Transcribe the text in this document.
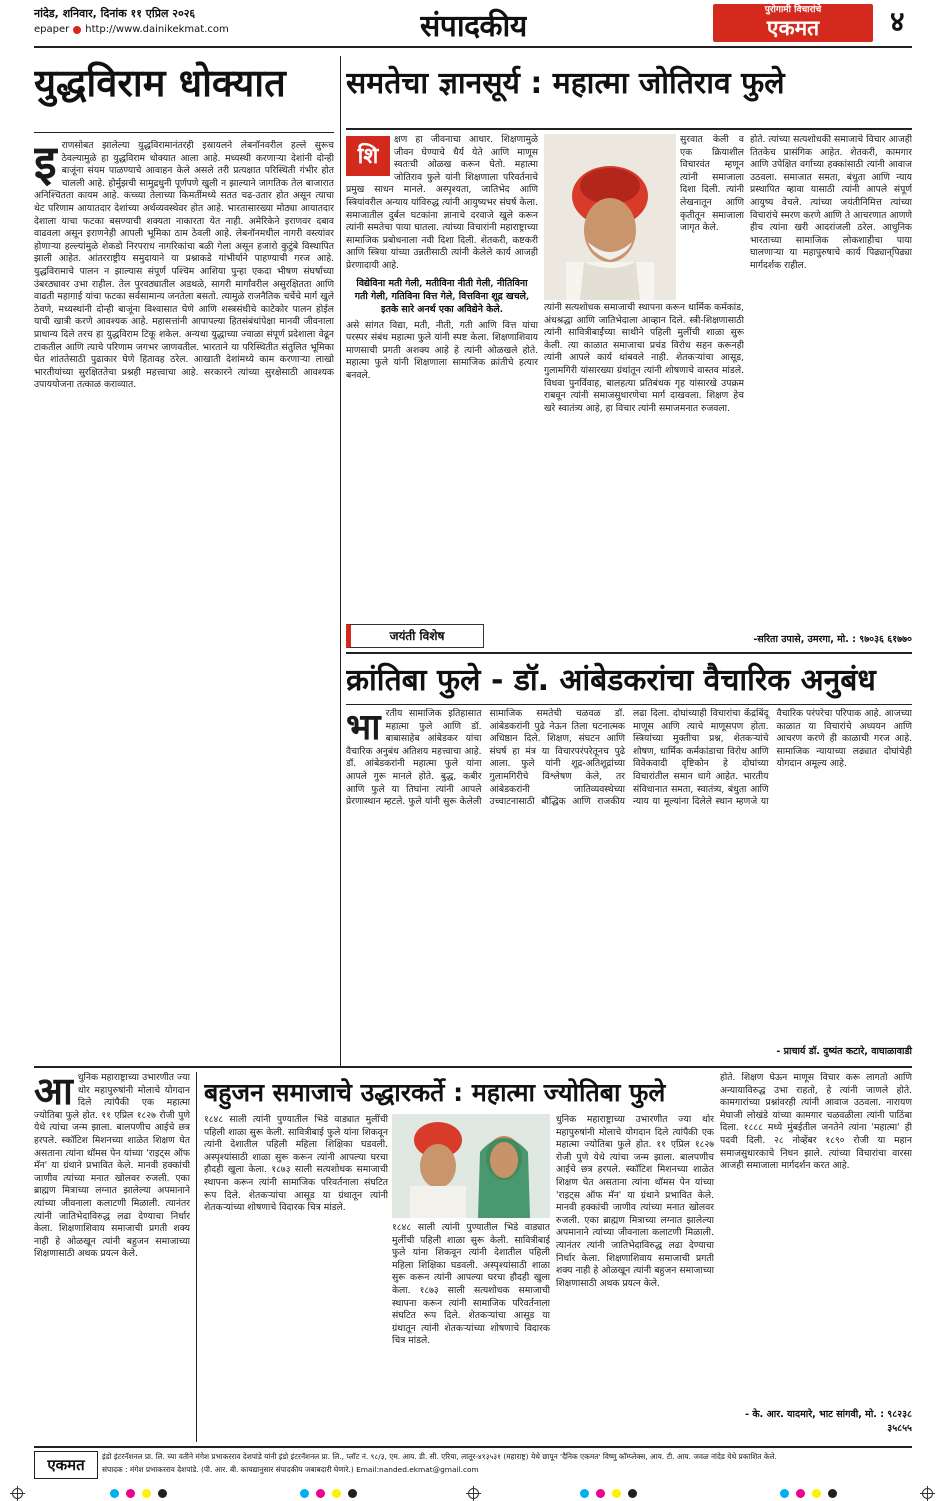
नांदेड, शनिवार, दिनांक ११ एप्रिल २०२६
epaper http://www.dainikekmat.com	संपादकीय	पुरोगामी विचारांचे
एकमत	४
युद्धविराम धोक्यात
इराणसोबत झालेल्या युद्धविरामानंतरही इस्रायलने लेबनॉनवरील हल्ले सुरूच ठेवल्यामुळे हा युद्धविराम धोक्यात आला आहे. मध्यस्थी करणाऱ्या देशांनी दोन्ही बाजूंना संयम पाळण्याचे आवाहन केले असले तरी प्रत्यक्षात परिस्थिती गंभीर होत चालली आहे. होर्मुझची सामुद्रधुनी पूर्णपणे खुली न झाल्याने जागतिक तेल बाजारात अनिश्चितता कायम आहे. कच्च्या तेलाच्या किमतींमध्ये सतत चढ-उतार होत असून त्याचा थेट परिणाम आयातदार देशांच्या अर्थव्यवस्थेवर होत आहे. भारतासारख्या मोठ्या आयातदार देशाला याचा फटका बसण्याची शक्यता नाकारता येत नाही. अमेरिकेने इराणवर दबाव वाढवला असून इराणनेही आपली भूमिका ठाम ठेवली आहे. लेबनॉनमधील नागरी वस्त्यांवर होणाऱ्या हल्ल्यांमुळे शेकडो निरपराध नागरिकांचा बळी गेला असून हजारो कुटुंबे विस्थापित झाली आहेत. आंतरराष्ट्रीय समुदायाने या प्रश्नाकडे गांभीर्याने पाहण्याची गरज आहे. युद्धविरामाचे पालन न झाल्यास संपूर्ण पश्चिम आशिया पुन्हा एकदा भीषण संघर्षाच्या उंबरठ्यावर उभा राहील. तेल पुरवठ्यातील अडथळे, सागरी मार्गांवरील असुरक्षितता आणि वाढती महागाई यांचा फटका सर्वसामान्य जनतेला बसतो. त्यामुळे राजनैतिक चर्चेचे मार्ग खुले ठेवणे, मध्यस्थांनी दोन्ही बाजूंना विश्वासात घेणे आणि शस्त्रसंधीचे काटेकोर पालन होईल याची खात्री करणे आवश्यक आहे. महासत्तांनी आपापल्या हितसंबंधांपेक्षा मानवी जीवनाला प्राधान्य दिले तरच हा युद्धविराम टिकू शकेल. अन्यथा युद्धाच्या ज्वाळा संपूर्ण प्रदेशाला वेढून टाकतील आणि त्याचे परिणाम जगभर जाणवतील. भारताने या परिस्थितीत संतुलित भूमिका घेत शांततेसाठी पुढाकार घेणे हितावह ठरेल. आखाती देशांमध्ये काम करणाऱ्या लाखो भारतीयांच्या सुरक्षिततेचा प्रश्नही महत्त्वाचा आहे. सरकारने त्यांच्या सुरक्षेसाठी आवश्यक उपाययोजना तत्काळ कराव्यात.
समतेचा ज्ञानसूर्य : महात्मा जोतिराव फुले
शि
क्षण हा जीवनाचा आधार. शिक्षणामुळे जीवन घेण्याचे धैर्य येते आणि माणूस स्वतःची ओळख करून घेतो. महात्मा जोतिराव फुले यांनी शिक्षणाला परिवर्तनाचे प्रमुख साधन मानले. अस्पृश्यता, जातिभेद आणि स्त्रियांवरील अन्याय यांविरुद्ध त्यांनी आयुष्यभर संघर्ष केला. समाजातील दुर्बल घटकांना ज्ञानाचे दरवाजे खुले करून त्यांनी समतेचा पाया घातला. त्यांच्या विचारांनी महाराष्ट्राच्या सामाजिक प्रबोधनाला नवी दिशा दिली. शेतकरी, कष्टकरी आणि स्त्रिया यांच्या उन्नतीसाठी त्यांनी केलेले कार्य आजही प्रेरणादायी आहे.
विद्येविना मती गेली, मतीविना नीती गेली, नीतिविना गती गेली, गतिविना वित्त गेले, वित्तविना शूद्र खचले, इतके सारे अनर्थ एका अविद्येने केले.
असे सांगत विद्या, मती, नीती, गती आणि वित्त यांचा परस्पर संबंध महात्मा फुले यांनी स्पष्ट केला. शिक्षणाशिवाय माणसाची प्रगती अशक्य आहे हे त्यांनी ओळखले होते. महात्मा फुले यांनी शिक्षणाला सामाजिक क्रांतीचे हत्यार बनवले.
सुरवात केली व एक क्रियाशील विचारवंत म्हणून त्यांनी समाजाला दिशा दिली. त्यांनी लेखनातून आणि कृतीतून समाजाला जागृत केले.
त्यांनी सत्यशोधक समाजाची स्थापना करून धार्मिक कर्मकांड, अंधश्रद्धा आणि जातिभेदाला आव्हान दिले. स्त्री-शिक्षणासाठी त्यांनी सावित्रीबाईंच्या साथीने पहिली मुलींची शाळा सुरू केली. त्या काळात समाजाचा प्रचंड विरोध सहन करूनही त्यांनी आपले कार्य थांबवले नाही. शेतकऱ्यांचा आसूड, गुलामगिरी यांसारख्या ग्रंथांतून त्यांनी शोषणाचे वास्तव मांडले. विधवा पुनर्विवाह, बालहत्या प्रतिबंधक गृह यांसारखे उपक्रम राबवून त्यांनी समाजसुधारणेचा मार्ग दाखवला. शिक्षण हेच खरे स्वातंत्र्य आहे, हा विचार त्यांनी समाजमनात रुजवला.
होते. त्यांच्या सत्यशोधकी समाजाचे विचार आजही तितकेच प्रासंगिक आहेत. शेतकरी, कामगार आणि उपेक्षित वर्गाच्या हक्कांसाठी त्यांनी आवाज उठवला. समाजात समता, बंधुता आणि न्याय प्रस्थापित व्हावा यासाठी त्यांनी आपले संपूर्ण आयुष्य वेचले. त्यांच्या जयंतीनिमित्त त्यांच्या विचारांचे स्मरण करणे आणि ते आचरणात आणणे हीच त्यांना खरी आदरांजली ठरेल. आधुनिक भारताच्या सामाजिक लोकशाहीचा पाया घालणाऱ्या या महापुरुषाचे कार्य पिढ्यान्‌पिढ्या मार्गदर्शक राहील.
जयंती विशेष	-सरिता उपासे, उमरगा, मो. : ९७०३६ ६१७७०
क्रांतिबा फुले - डॉ. आंबेडकरांचा वैचारिक अनुबंध
भारतीय सामाजिक इतिहासात महात्मा फुले आणि डॉ. बाबासाहेब आंबेडकर यांचा वैचारिक अनुबंध अतिशय महत्त्वाचा आहे. डॉ. आंबेडकरांनी महात्मा फुले यांना आपले गुरू मानले होते. बुद्ध, कबीर आणि फुले या तिघांना त्यांनी आपले प्रेरणास्थान म्हटले. फुले यांनी सुरू केलेली सामाजिक समतेची चळवळ डॉ. आंबेडकरांनी पुढे नेऊन तिला घटनात्मक अधिष्ठान दिले. शिक्षण, संघटन आणि संघर्ष हा मंत्र या विचारपरंपरेतूनच पुढे आला. फुले यांनी शूद्र-अतिशूद्रांच्या गुलामगिरीचे विश्लेषण केले, तर आंबेडकरांनी जातिव्यवस्थेच्या उच्चाटनासाठी बौद्धिक आणि राजकीय लढा दिला. दोघांच्याही विचारांचा केंद्रबिंदू माणूस आणि त्याचे माणूसपण होता. स्त्रियांच्या मुक्तीचा प्रश्न, शेतकऱ्यांचे शोषण, धार्मिक कर्मकांडाचा विरोध आणि विवेकवादी दृष्टिकोन हे दोघांच्या विचारांतील समान धागे आहेत. भारतीय संविधानात समता, स्वातंत्र्य, बंधुता आणि न्याय या मूल्यांना दिलेले स्थान म्हणजे या वैचारिक परंपरेचा परिपाक आहे. आजच्या काळात या विचारांचे अध्ययन आणि आचरण करणे ही काळाची गरज आहे. सामाजिक न्यायाच्या लढ्यात दोघांचेही योगदान अमूल्य आहे.
- प्राचार्य डॉ. दुष्यंत कटारे, वाघाळावाडी
आधुनिक महाराष्ट्राच्या उभारणीत ज्या थोर महापुरुषांनी मोलाचे योगदान दिले त्यांपैकी एक महात्मा ज्योतिबा फुले होत. ११ एप्रिल १८२७ रोजी पुणे येथे त्यांचा जन्म झाला. बालपणीच आईचे छत्र हरपले. स्कॉटिश मिशनच्या शाळेत शिक्षण घेत असताना त्यांना थॉमस पेन यांच्या 'राइट्स ऑफ मॅन' या ग्रंथाने प्रभावित केले. मानवी हक्कांची जाणीव त्यांच्या मनात खोलवर रुजली. एका ब्राह्मण मित्राच्या लग्नात झालेल्या अपमानाने त्यांच्या जीवनाला कलाटणी मिळाली. त्यानंतर त्यांनी जातिभेदाविरुद्ध लढा देण्याचा निर्धार केला. शिक्षणाशिवाय समाजाची प्रगती शक्य नाही हे ओळखून त्यांनी बहुजन समाजाच्या शिक्षणासाठी अथक प्रयत्न केले.
बहुजन समाजाचे उद्धारकर्ते : महात्मा ज्योतिबा फुले
१८४८ साली त्यांनी पुण्यातील भिडे वाड्यात मुलींची पहिली शाळा सुरू केली. सावित्रीबाई फुले यांना शिकवून त्यांनी देशातील पहिली महिला शिक्षिका घडवली. अस्पृश्यांसाठी शाळा सुरू करून त्यांनी आपल्या घरचा हौदही खुला केला. १८७३ साली सत्यशोधक समाजाची स्थापना करून त्यांनी सामाजिक परिवर्तनाला संघटित रूप दिले. शेतकऱ्यांचा आसूड या ग्रंथातून त्यांनी शेतकऱ्यांच्या शोषणाचे विदारक चित्र मांडले.
१८४८ साली त्यांनी पुण्यातील भिडे वाड्यात मुलींची पहिली शाळा सुरू केली. सावित्रीबाई फुले यांना शिकवून त्यांनी देशातील पहिली महिला शिक्षिका घडवली. अस्पृश्यांसाठी शाळा सुरू करून त्यांनी आपल्या घरचा हौदही खुला केला. १८७३ साली सत्यशोधक समाजाची स्थापना करून त्यांनी सामाजिक परिवर्तनाला संघटित रूप दिले. शेतकऱ्यांचा आसूड या ग्रंथातून त्यांनी शेतकऱ्यांच्या शोषणाचे विदारक चित्र मांडले.
धुनिक महाराष्ट्राच्या उभारणीत ज्या थोर महापुरुषांनी मोलाचे योगदान दिले त्यांपैकी एक महात्मा ज्योतिबा फुले होत. ११ एप्रिल १८२७ रोजी पुणे येथे त्यांचा जन्म झाला. बालपणीच आईचे छत्र हरपले. स्कॉटिश मिशनच्या शाळेत शिक्षण घेत असताना त्यांना थॉमस पेन यांच्या 'राइट्स ऑफ मॅन' या ग्रंथाने प्रभावित केले. मानवी हक्कांची जाणीव त्यांच्या मनात खोलवर रुजली. एका ब्राह्मण मित्राच्या लग्नात झालेल्या अपमानाने त्यांच्या जीवनाला कलाटणी मिळाली. त्यानंतर त्यांनी जातिभेदाविरुद्ध लढा देण्याचा निर्धार केला. शिक्षणाशिवाय समाजाची प्रगती शक्य नाही हे ओळखून त्यांनी बहुजन समाजाच्या शिक्षणासाठी अथक प्रयत्न केले.
होते. शिक्षण घेऊन माणूस विचार करू लागतो आणि अन्यायाविरुद्ध उभा राहतो, हे त्यांनी जाणले होते. कामगारांच्या प्रश्नांवरही त्यांनी आवाज उठवला. नारायण मेघाजी लोखंडे यांच्या कामगार चळवळीला त्यांनी पाठिंबा दिला. १८८८ मध्ये मुंबईतील जनतेने त्यांना 'महात्मा' ही पदवी दिली. २८ नोव्हेंबर १८९० रोजी या महान समाजसुधारकाचे निधन झाले. त्यांच्या विचारांचा वारसा आजही समाजाला मार्गदर्शन करत आहे.
- के. आर. यादमारे, भाट सांगवी, मो. : ९८२३८ ३५८५५
एकमत	इंडो इंटरनॅशनल प्रा. लि. च्या वतीने मंगेश प्रभाकरराव देशपांडे यांनी इंडो इंटरनॅशनल प्रा. लि., प्लॉट नं. ९८/३, एम. आय. डी. सी. एरिया, लातूर-४१३५३१ (महाराष्ट्र) येथे छापून 'दैनिक एकमत' विष्णु कॉम्प्लेक्स, आय. टी. आय. जवळ नांदेड येथे प्रकाशित केले.
संपादक : मंगेश प्रभाकरराव देशपांडे. (पी. आर. बी. कायद्यानुसार संपादकीय जबाबदारी घेणारे.) Email:nanded.ekmat@gmail.com
